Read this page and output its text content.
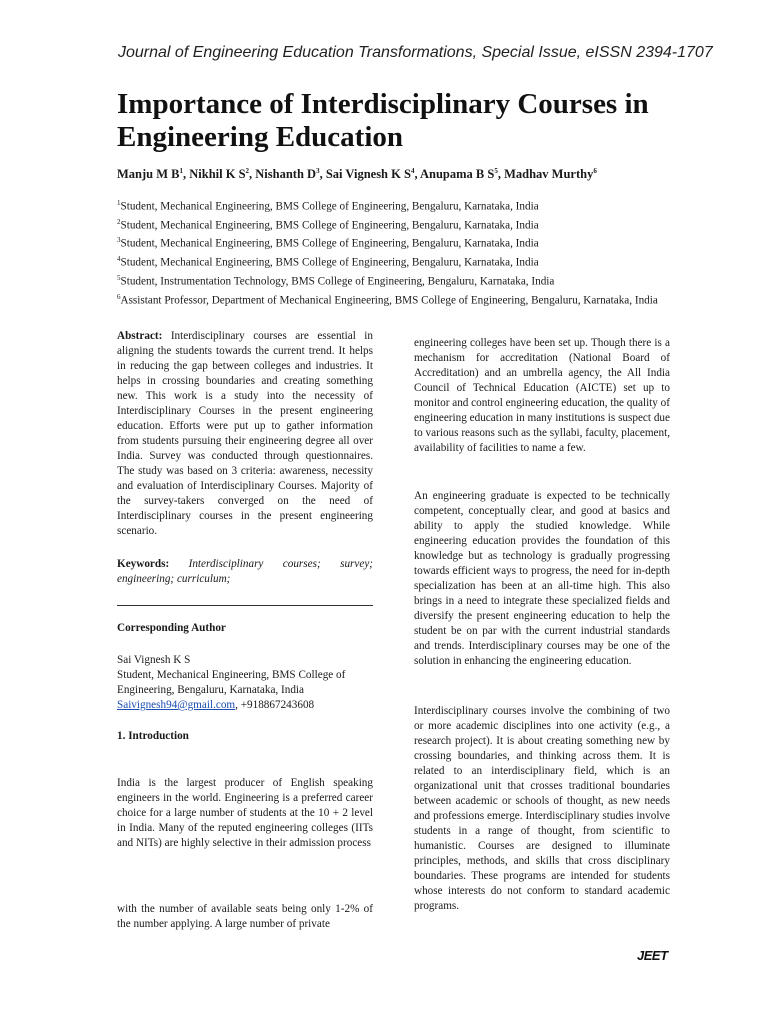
Journal of Engineering Education Transformations, Special Issue, eISSN 2394-1707
Importance of Interdisciplinary Courses in Engineering Education
Manju M $B^1$, Nikhil K $S^2$, Nishanth $D^3$, Sai Vignesh K $S^4$, Anupama B $S^5$, Madhav Murthy$^6$
$^1$Student, Mechanical Engineering, BMS College of Engineering, Bengaluru, Karnataka, India
$^2$Student, Mechanical Engineering, BMS College of Engineering, Bengaluru, Karnataka, India
$^3$Student, Mechanical Engineering, BMS College of Engineering, Bengaluru, Karnataka, India
$^4$Student, Mechanical Engineering, BMS College of Engineering, Bengaluru, Karnataka, India
$^5$Student, Instrumentation Technology, BMS College of Engineering, Bengaluru, Karnataka, India
$^6$Assistant Professor, Department of Mechanical Engineering, BMS College of Engineering, Bengaluru, Karnataka, India
Abstract: Interdisciplinary courses are essential in aligning the students towards the current trend. It helps in reducing the gap between colleges and industries. It helps in crossing boundaries and creating something new. This work is a study into the necessity of Interdisciplinary Courses in the present engineering education. Efforts were put up to gather information from students pursuing their engineering degree all over India. Survey was conducted through questionnaires. The study was based on 3 criteria: awareness, necessity and evaluation of Interdisciplinary Courses. Majority of the survey-takers converged on the need of Interdisciplinary courses in the present engineering scenario.
Keywords: Interdisciplinary courses; survey; engineering; curriculum;
Corresponding Author
Sai Vignesh K S
Student, Mechanical Engineering, BMS College of Engineering, Bengaluru, Karnataka, India
Saivignesh94@gmail.com, +918867243608
1. Introduction
India is the largest producer of English speaking engineers in the world. Engineering is a preferred career choice for a large number of students at the 10 + 2 level in India. Many of the reputed engineering colleges (IITs and NITs) are highly selective in their admission process
with the number of available seats being only 1-2% of the number applying. A large number of private
engineering colleges have been set up. Though there is a mechanism for accreditation (National Board of Accreditation) and an umbrella agency, the All India Council of Technical Education (AICTE) set up to monitor and control engineering education, the quality of engineering education in many institutions is suspect due to various reasons such as the syllabi, faculty, placement, availability of facilities to name a few.
An engineering graduate is expected to be technically competent, conceptually clear, and good at basics and ability to apply the studied knowledge. While engineering education provides the foundation of this knowledge but as technology is gradually progressing towards efficient ways to progress, the need for in-depth specialization has been at an all-time high. This also brings in a need to integrate these specialized fields and diversify the present engineering education to help the student be on par with the current industrial standards and trends. Interdisciplinary courses may be one of the solution in enhancing the engineering education.
Interdisciplinary courses involve the combining of two or more academic disciplines into one activity (e.g., a research project). It is about creating something new by crossing boundaries, and thinking across them. It is related to an interdisciplinary field, which is an organizational unit that crosses traditional boundaries between academic or schools of thought, as new needs and professions emerge. Interdisciplinary studies involve students in a range of thought, from scientific to humanistic. Courses are designed to illuminate principles, methods, and skills that cross disciplinary boundaries. These programs are intended for students whose interests do not conform to standard academic programs.
JEET
